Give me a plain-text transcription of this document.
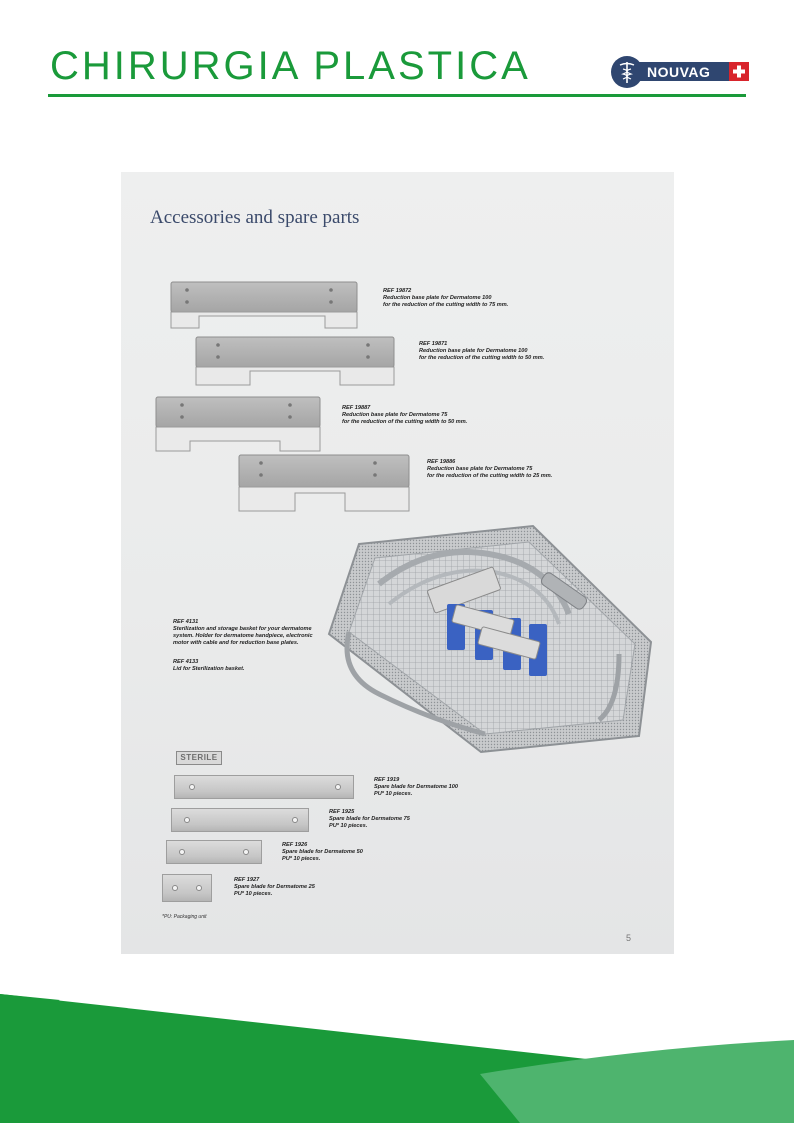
CHIRURGIA PLASTICA	NOUVAG
Accessories and spare parts
REF 19872
Reduction base plate for Dermatome 100
for the reduction of the cutting width to 75 mm.
REF 19871
Reduction base plate for Dermatome 100
for the reduction of the cutting width to 50 mm.
REF 19887
Reduction base plate for Dermatome 75
for the reduction of the cutting width to 50 mm.
REF 19886
Reduction base plate for Dermatome 75
for the reduction of the cutting width to 25 mm.
REF 4131
Sterilization and storage basket for your dermatome
system. Holder for dermatome handpiece, electronic
motor with cable and for reduction base plates.
REF 4133
Lid for Sterilization basket.
STERILE
REF 1919
Spare blade for Dermatome 100
PU* 10 pieces.
REF 1925
Spare blade for Dermatome 75
PU* 10 pieces.
REF 1926
Spare blade for Dermatome 50
PU* 10 pieces.
REF 1927
Spare blade for Dermatome 25
PU* 10 pieces.
*PU: Packaging unit
5
